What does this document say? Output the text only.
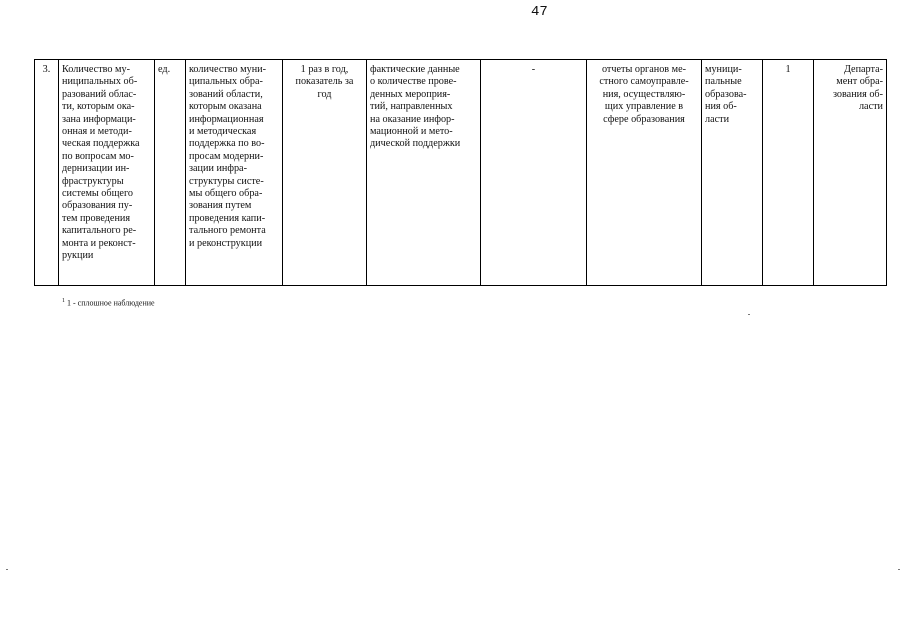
47
3.	Количество му-
ниципальных об-
разований облас-
ти, которым ока-
зана информаци-
онная и методи-
ческая поддержка
по вопросам мо-
дернизации ин-
фраструктуры
системы общего
образования пу-
тем проведения
капитального ре-
монта и реконст-
рукции	ед.	количество муни-
ципальных обра-
зований области,
которым оказана
информационная
и методическая
поддержка по во-
просам модерни-
зации инфра-
структуры систе-
мы общего обра-
зования путем
проведения капи-
тального ремонта
и реконструкции	1 раз в год,
показатель за
год	фактические данные
о количестве прове-
денных мероприя-
тий, направленных
на оказание инфор-
мационной и мето-
дической поддержки	-	отчеты органов ме-
стного самоуправле-
ния, осуществляю-
щих управление в
сфере образования	муници-
пальные
образова-
ния об-
ласти	1	Департа-
мент обра-
зования об-
ласти
$^1$ 1 - сплошное наблюдение
